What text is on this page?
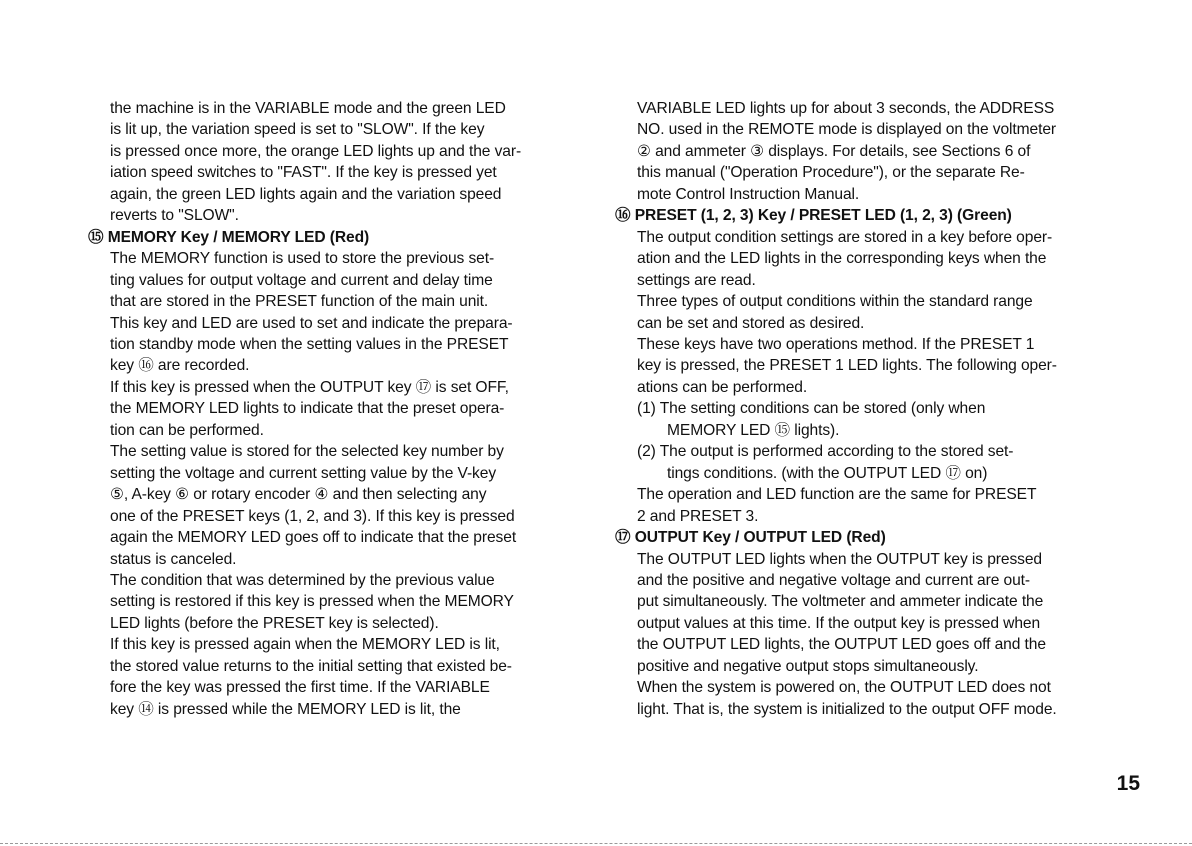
the machine is in the VARIABLE mode and the green LED
is lit up, the variation speed is set to "SLOW". If the key
is pressed once more, the orange LED lights up and the var-
iation speed switches to "FAST". If the key is pressed yet
again, the green LED lights again and the variation speed
reverts to "SLOW".
⑮ MEMORY Key / MEMORY LED (Red)
The MEMORY function is used to store the previous set-
ting values for output voltage and current and delay time
that are stored in the PRESET function of the main unit.
This key and LED are used to set and indicate the prepara-
tion standby mode when the setting values in the PRESET
key ⑯ are recorded.
If this key is pressed when the OUTPUT key ⑰ is set OFF,
the MEMORY LED lights to indicate that the preset opera-
tion can be performed.
The setting value is stored for the selected key number by
setting the voltage and current setting value by the V-key
⑤, A-key ⑥ or rotary encoder ④ and then selecting any
one of the PRESET keys (1, 2, and 3). If this key is pressed
again the MEMORY LED goes off to indicate that the preset
status is canceled.
The condition that was determined by the previous value
setting is restored if this key is pressed when the MEMORY
LED lights (before the PRESET key is selected).
If this key is pressed again when the MEMORY LED is lit,
the stored value returns to the initial setting that existed be-
fore the key was pressed the first time. If the VARIABLE
key ⑭ is pressed while the MEMORY LED is lit, the
VARIABLE LED lights up for about 3 seconds, the ADDRESS
NO. used in the REMOTE mode is displayed on the voltmeter
② and ammeter ③ displays. For details, see Sections 6 of
this manual ("Operation Procedure"), or the separate Re-
mote Control Instruction Manual.
⑯ PRESET (1, 2, 3) Key / PRESET LED (1, 2, 3) (Green)
The output condition settings are stored in a key before oper-
ation and the LED lights in the corresponding keys when the
settings are read.
Three types of output conditions within the standard range
can be set and stored as desired.
These keys have two operations method. If the PRESET 1
key is pressed, the PRESET 1 LED lights. The following oper-
ations can be performed.
(1) The setting conditions can be stored (only when
MEMORY LED ⑮ lights).
(2) The output is performed according to the stored set-
tings conditions. (with the OUTPUT LED ⑰ on)
The operation and LED function are the same for PRESET
2 and PRESET 3.
⑰ OUTPUT Key / OUTPUT LED (Red)
The OUTPUT LED lights when the OUTPUT key is pressed
and the positive and negative voltage and current are out-
put simultaneously. The voltmeter and ammeter indicate the
output values at this time. If the output key is pressed when
the OUTPUT LED lights, the OUTPUT LED goes off and the
positive and negative output stops simultaneously.
When the system is powered on, the OUTPUT LED does not
light. That is, the system is initialized to the output OFF mode.
15
